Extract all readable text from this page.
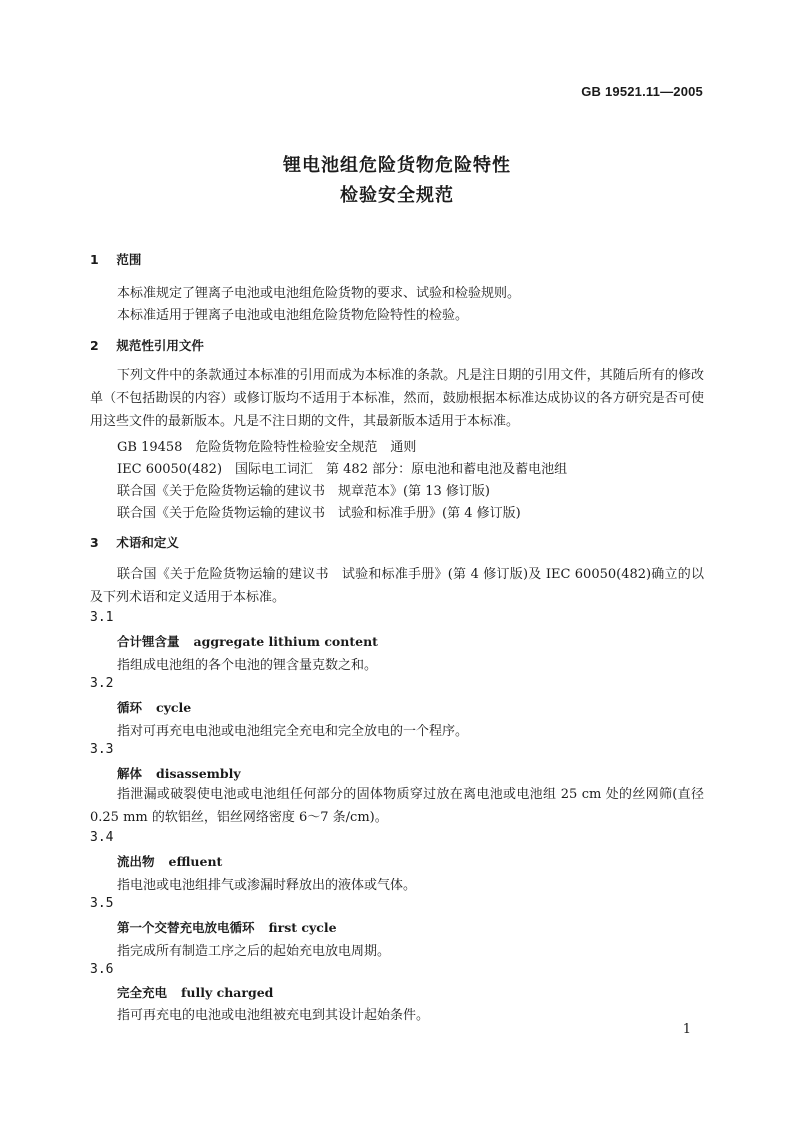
GB 19521.11—2005
锂电池组危险货物危险特性
检验安全规范
1 范围
本标准规定了锂离子电池或电池组危险货物的要求、试验和检验规则。
本标准适用于锂离子电池或电池组危险货物危险特性的检验。
2 规范性引用文件
下列文件中的条款通过本标准的引用而成为本标准的条款。凡是注日期的引用文件，其随后所有的修改单（不包括勘误的内容）或修订版均不适用于本标准，然而，鼓励根据本标准达成协议的各方研究是否可使用这些文件的最新版本。凡是不注日期的文件，其最新版本适用于本标准。
GB 19458　危险货物危险特性检验安全规范　通则
IEC 60050(482)　国际电工词汇　第 482 部分：原电池和蓄电池及蓄电池组
联合国《关于危险货物运输的建议书　规章范本》(第 13 修订版)
联合国《关于危险货物运输的建议书　试验和标准手册》(第 4 修订版)
3 术语和定义
联合国《关于危险货物运输的建议书　试验和标准手册》(第 4 修订版)及 IEC 60050(482)确立的以及下列术语和定义适用于本标准。
3.1
合计锂含量 aggregate lithium content
指组成电池组的各个电池的锂含量克数之和。
3.2
循环 cycle
指对可再充电电池或电池组完全充电和完全放电的一个程序。
3.3
解体 disassembly
指泄漏或破裂使电池或电池组任何部分的固体物质穿过放在离电池或电池组 25 cm 处的丝网筛(直径 0.25 mm 的软铝丝，铝丝网络密度 6～7 条/cm)。
3.4
流出物 effluent
指电池或电池组排气或渗漏时释放出的液体或气体。
3.5
第一个交替充电放电循环 first cycle
指完成所有制造工序之后的起始充电放电周期。
3.6
完全充电 fully charged
指可再充电的电池或电池组被充电到其设计起始条件。
1
